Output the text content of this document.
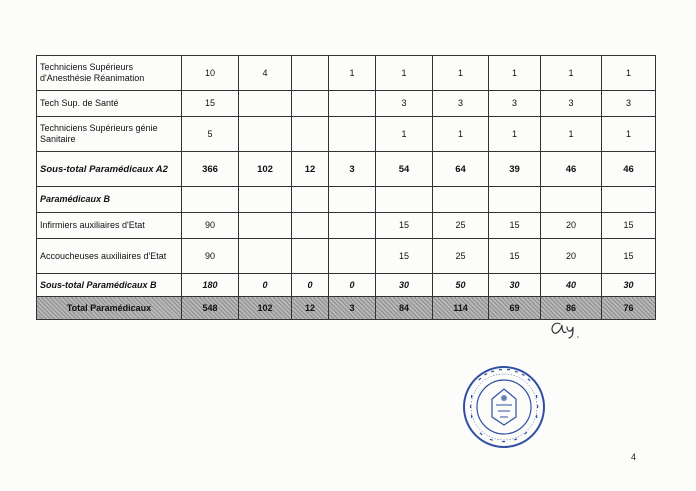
Techniciens Supérieurs d'Anesthésie Réanimation	10	4		1	1	1	1	1	1
Tech Sup. de Santé	15				3	3	3	3	3
Techniciens Supérieurs génie Sanitaire	5				1	1	1	1	1
Sous-total Paramédicaux A2	366	102	12	3	54	64	39	46	46
Paramédicaux B									
Infirmiers auxiliaires d'Etat	90				15	25	15	20	15
Accoucheuses auxiliaires d'Etat	90				15	25	15	20	15
Sous-total Paramédicaux B	180	0	0	0	30	50	30	40	30
Total Paramédicaux	548	102	12	3	84	114	69	86	76
4
